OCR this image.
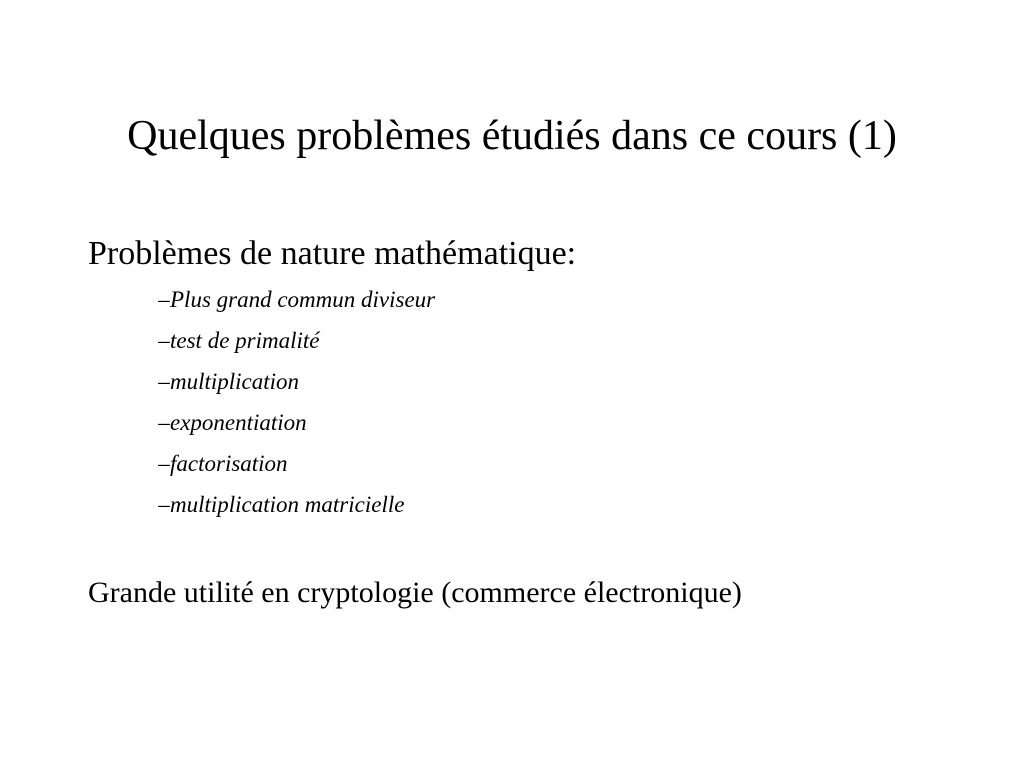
Quelques problèmes étudiés dans ce cours (1)

Problèmes de nature mathématique:

– Plus grand commun diviseur
– test de primalité
– multiplication
– exponentiation
– factorisation
– multiplication matricielle

Grande utilité en cryptologie (commerce électronique)
